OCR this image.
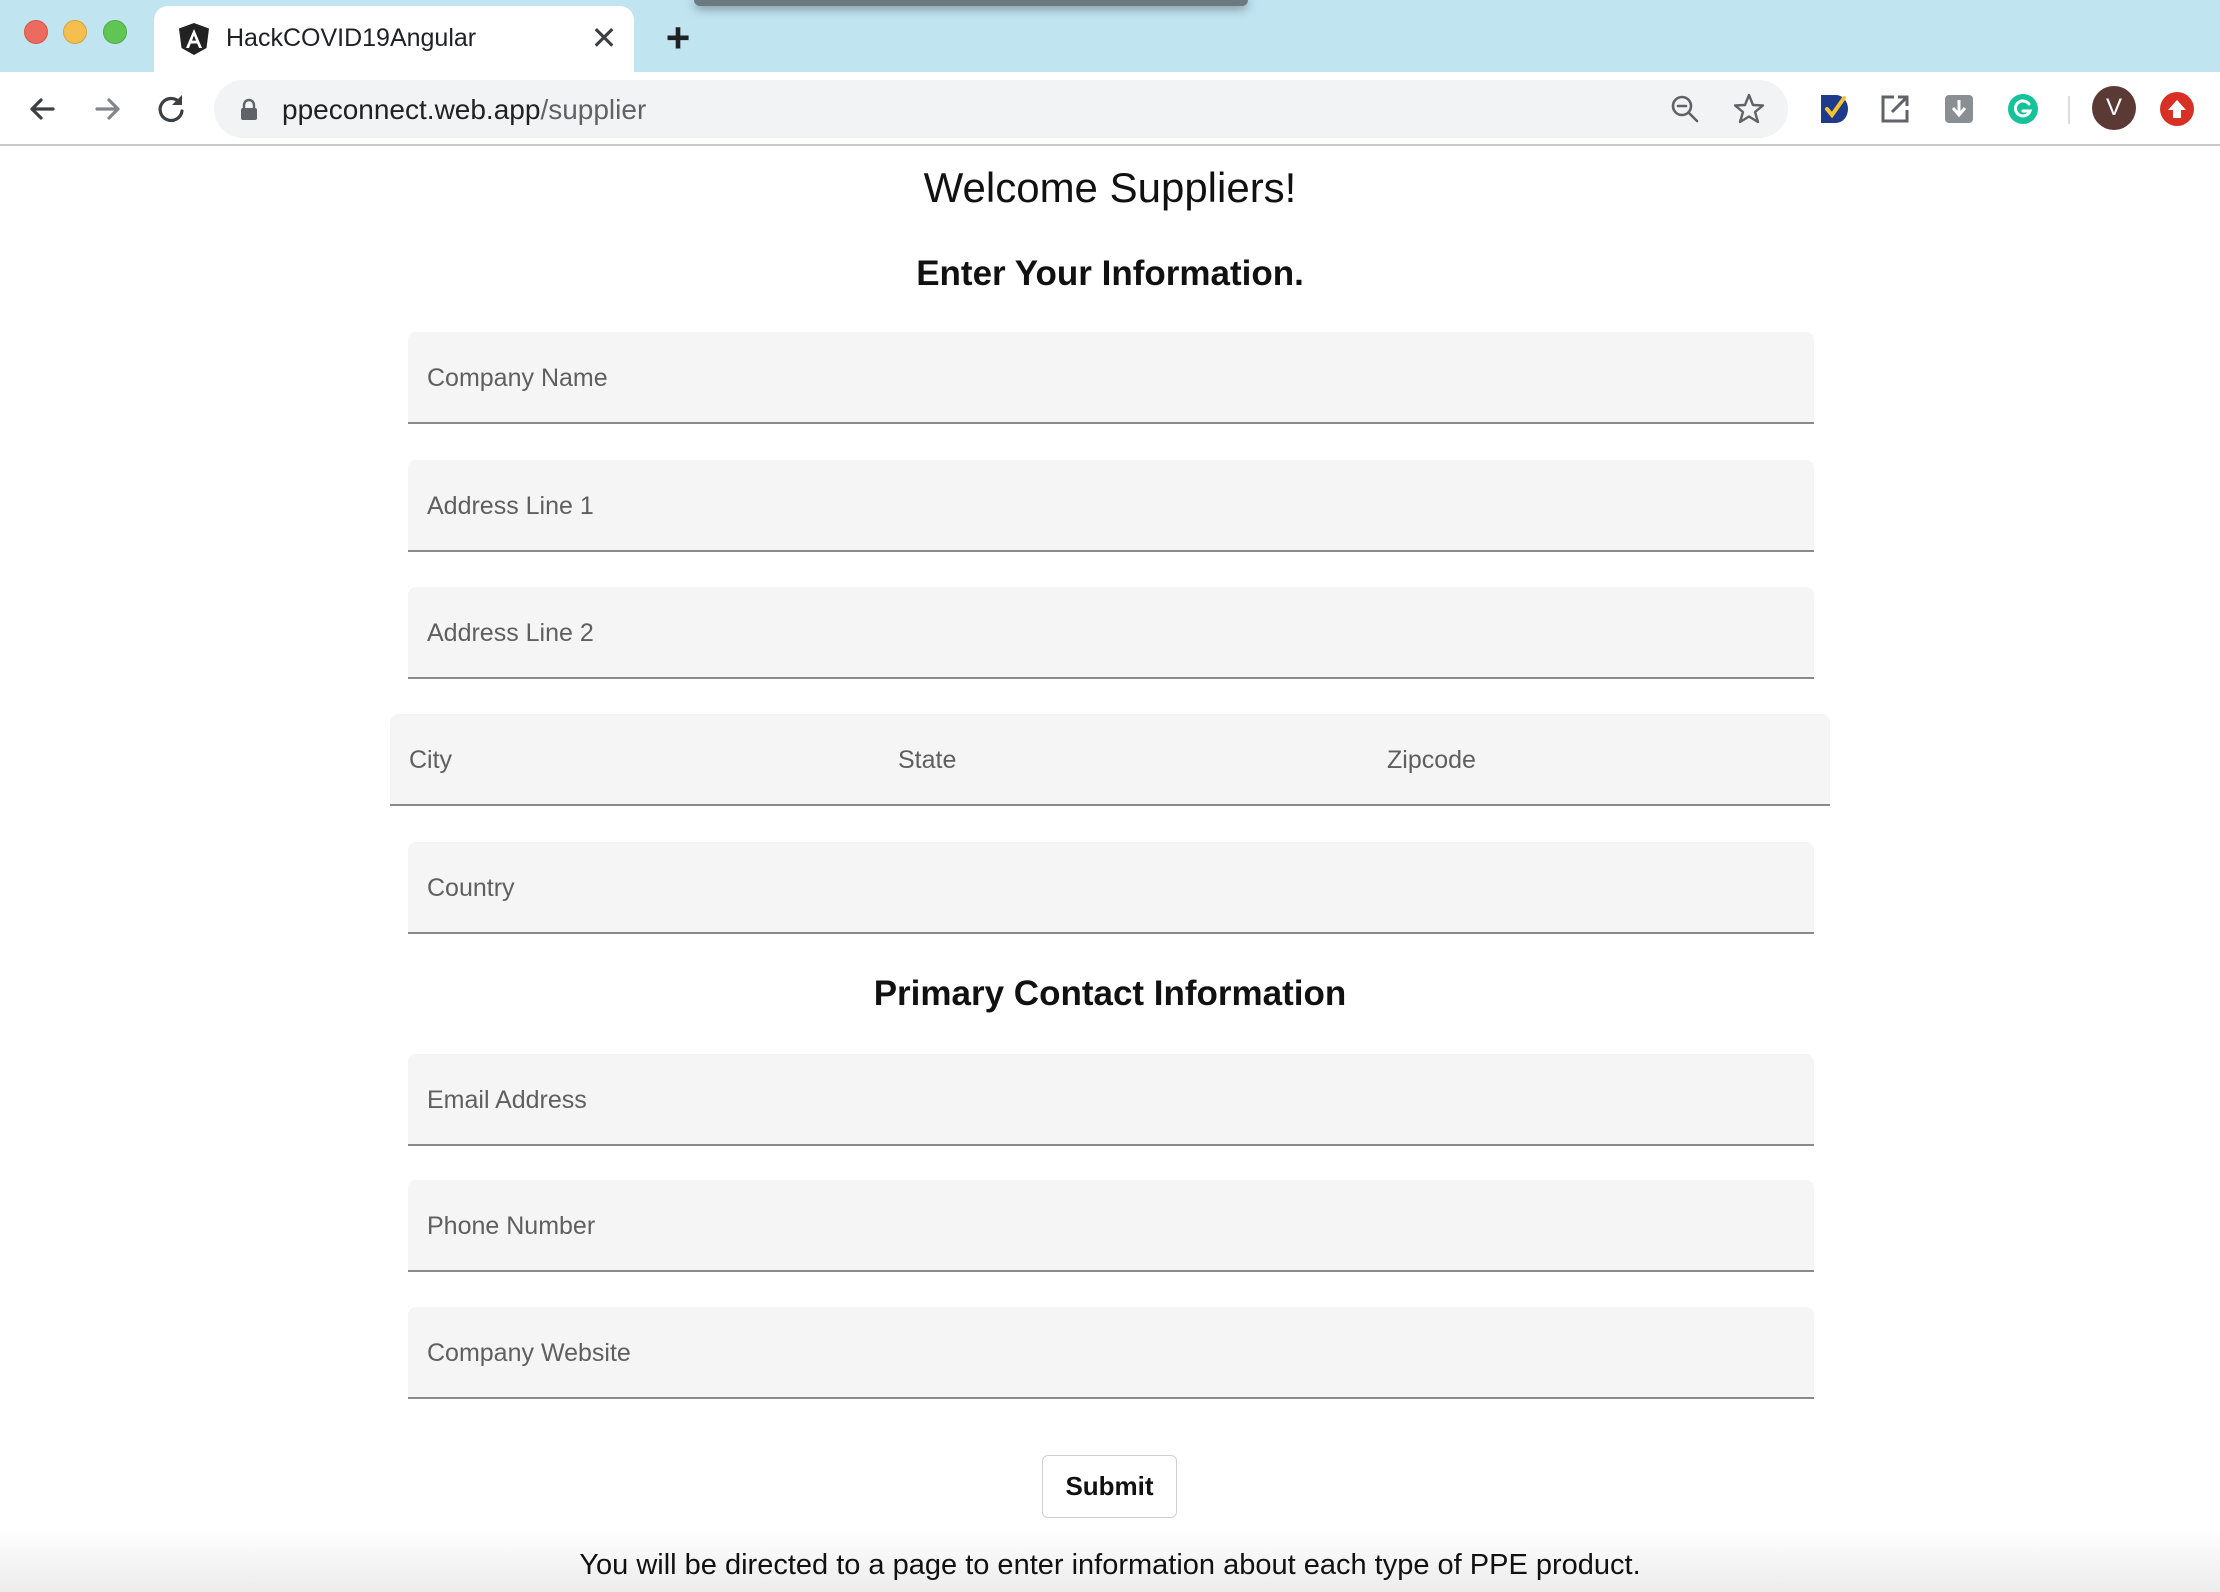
HackCOVID19Angular	✕ +
ppeconnect.web.app/supplier	V
Welcome Suppliers!
Enter Your Information.
Company Name
Address Line 1
Address Line 2
City	State	Zipcode
Country
Primary Contact Information
Email Address
Phone Number
Company Website
Submit

You will be directed to a page to enter information about each type of PPE product.
